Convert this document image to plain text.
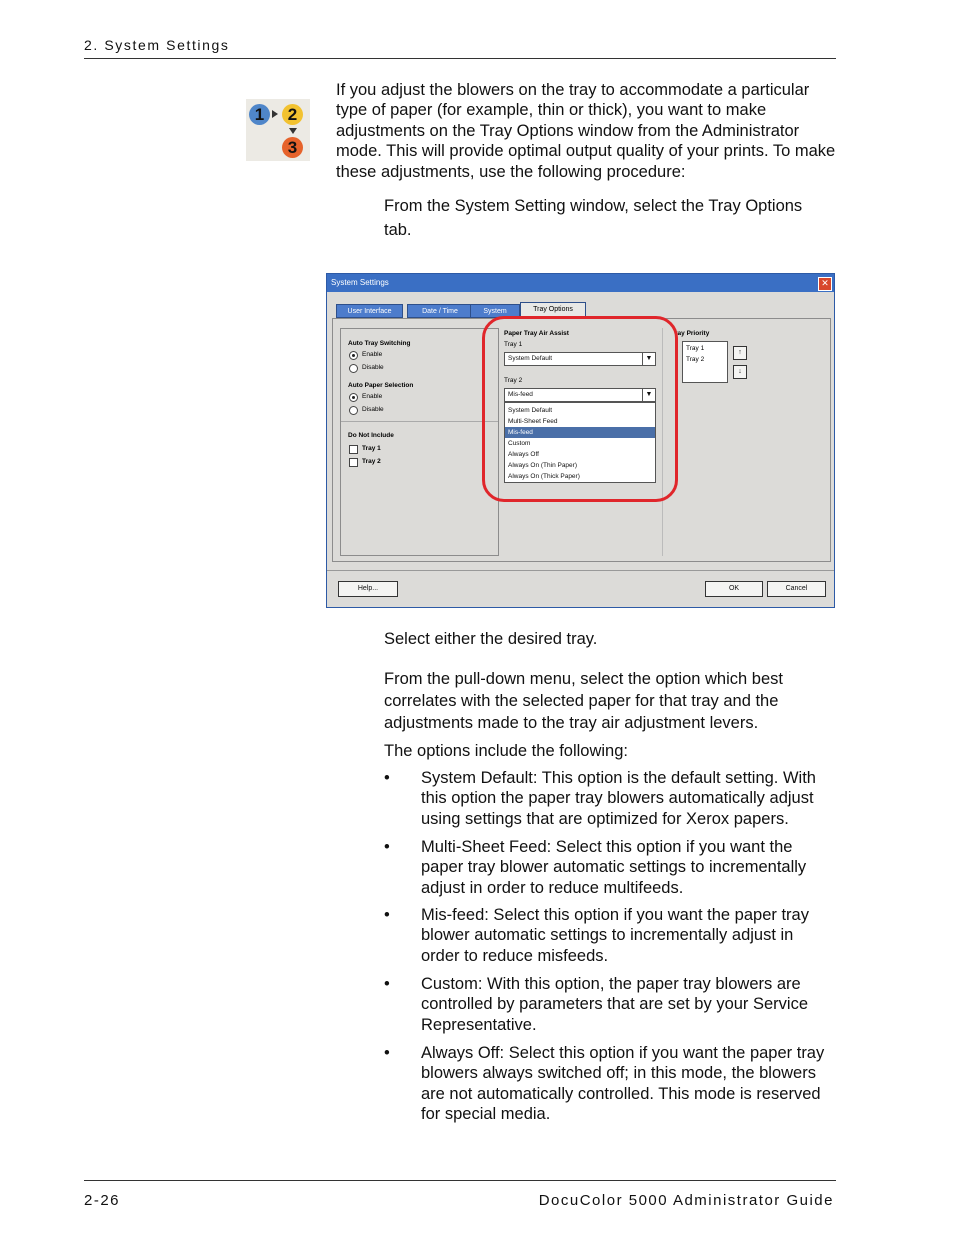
2. System Settings
1	2
3
If you adjust the blowers on the tray to accommodate a particular type of paper (for example, thin or thick), you want to make adjustments on the Tray Options window from the Administrator mode. This will provide optimal output quality of your prints. To make these adjustments, use the following procedure:
From the System Setting window, select the Tray Options tab.
System Settings	✕
User Interface	Date / Time	System	Tray Options
Auto Tray Switching
Enable
Disable
Auto Paper Selection
Enable
Disable
Do Not Include
Tray 1
Tray 2
Paper Tray Air Assist
Tray 1
System Default	▼
Tray 2
Mis-feed	▼
System Default
Multi-Sheet Feed
Mis-feed
Custom
Always Off
Always On (Thin Paper)
Always On (Thick Paper)
ray Priority
Tray 1
Tray 2
↑
↓
Help...	OK	Cancel
Select either the desired tray.
From the pull-down menu, select the option which best correlates with the selected paper for that tray and the adjustments made to the tray air adjustment levers.
The options include the following:
• System Default: This option is the default setting. With this option the paper tray blowers automatically adjust using settings that are optimized for Xerox papers.
• Multi-Sheet Feed: Select this option if you want the paper tray blower automatic settings to incrementally adjust in order to reduce multifeeds.
• Mis-feed: Select this option if you want the paper tray blower automatic settings to incrementally adjust in order to reduce misfeeds.
• Custom: With this option, the paper tray blowers are controlled by parameters that are set by your Service Representative.
• Always Off: Select this option if you want the paper tray blowers always switched off; in this mode, the blowers are not automatically controlled. This mode is reserved for special media.
2-26	DocuColor 5000 Administrator Guide
